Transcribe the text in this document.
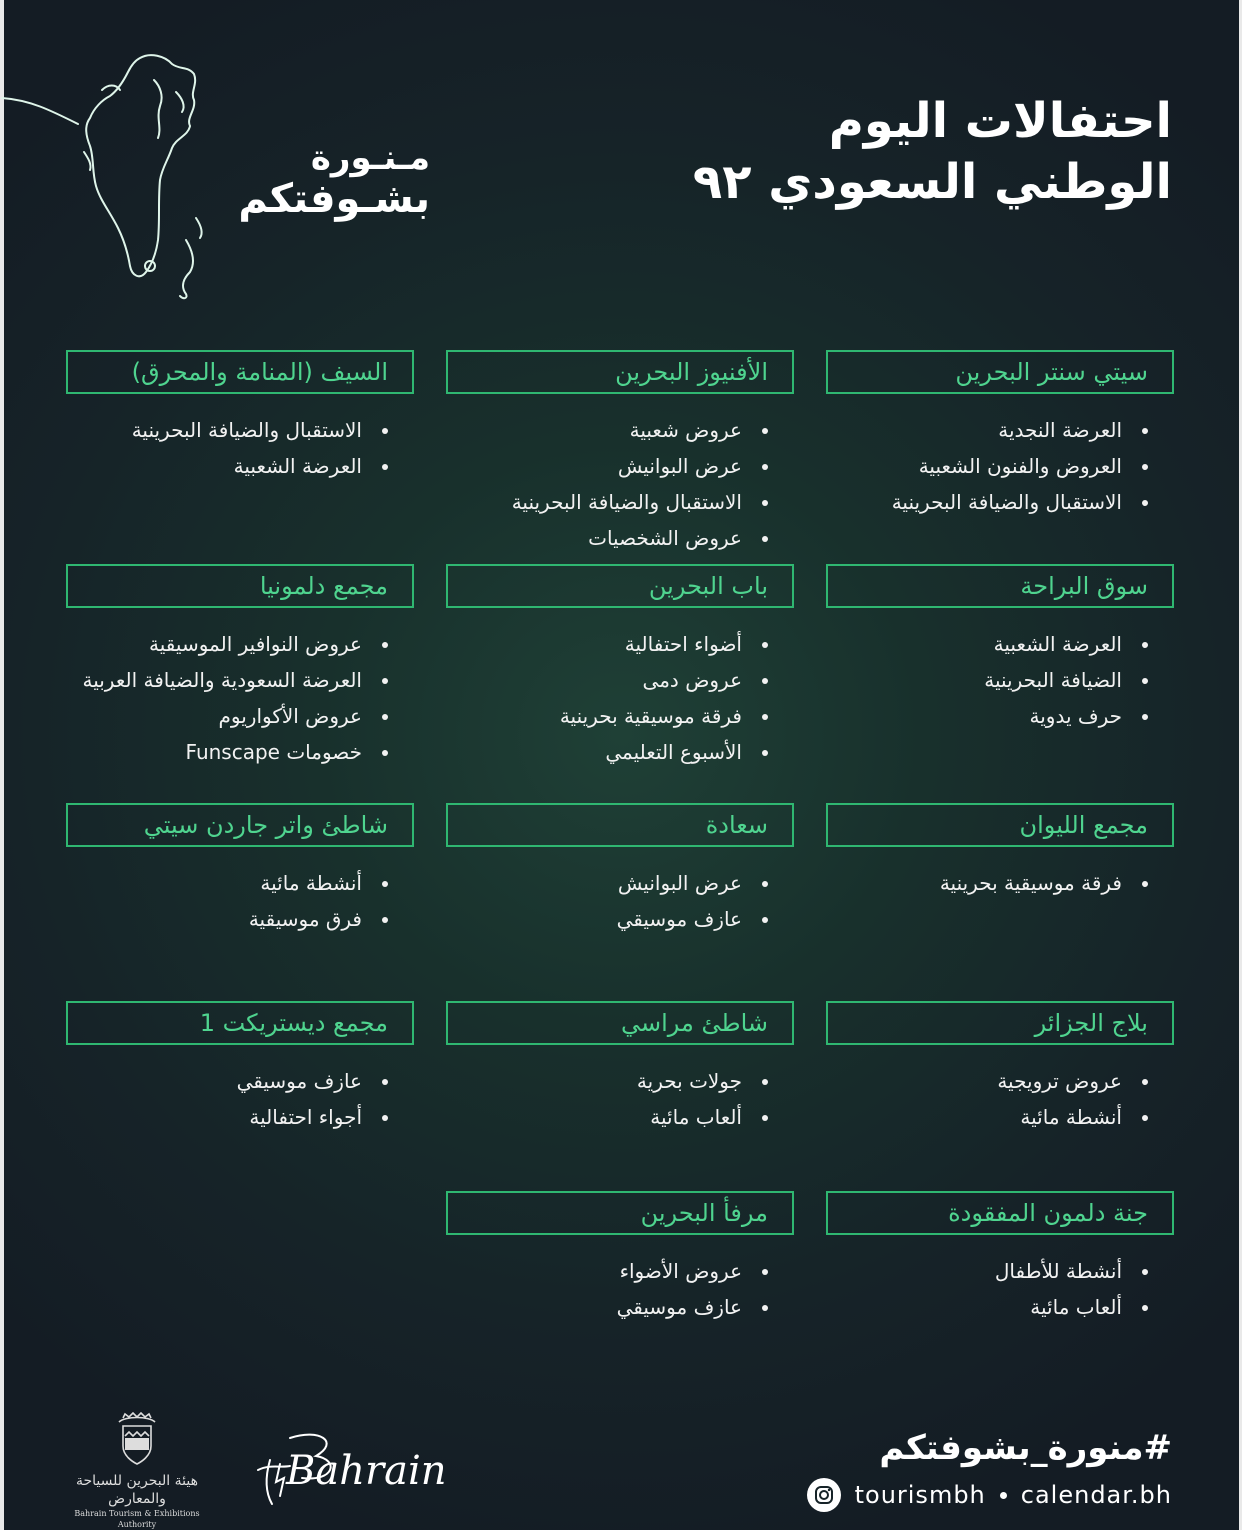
احتفالات اليوم
الوطني السعودي ٩٢
مـنـورة
بشـوفتكم
سيتي سنتر البحرين
العرضة النجدية
العروض والفنون الشعبية
الاستقبال والضيافة البحرينية
الأفنيوز البحرين
عروض شعبية
عرض البوانيش
الاستقبال والضيافة البحرينية
عروض الشخصيات
السيف (المنامة والمحرق)
الاستقبال والضيافة البحرينية
العرضة الشعبية
سوق البراحة
العرضة الشعبية
الضيافة البحرينية
حرف يدوية
باب البحرين
أضواء احتفالية
عروض دمى
فرقة موسيقية بحرينية
الأسبوع التعليمي
مجمع دلمونيا
عروض النوافير الموسيقية
العرضة السعودية والضيافة العربية
عروض الأكواريوم
خصومات Funscape
مجمع الليوان
فرقة موسيقية بحرينية
سعادة
عرض البوانيش
عازف موسيقي
شاطئ واتر جاردن سيتي
أنشطة مائية
فرق موسيقية
بلاج الجزائر
عروض ترويجية
أنشطة مائية
شاطئ مراسي
جولات بحرية
ألعاب مائية
مجمع ديستريكت 1
عازف موسيقي
أجواء احتفالية
جنة دلمون المفقودة
أنشطة للأطفال
ألعاب مائية
مرفأ البحرين
عروض الأضواء
عازف موسيقي
هيئة البحرين للسياحة والمعارض
Bahrain Tourism & Exhibitions
Authority
Bahrain	#منورة_بشوفتكم
tourismbh calendar.bh
